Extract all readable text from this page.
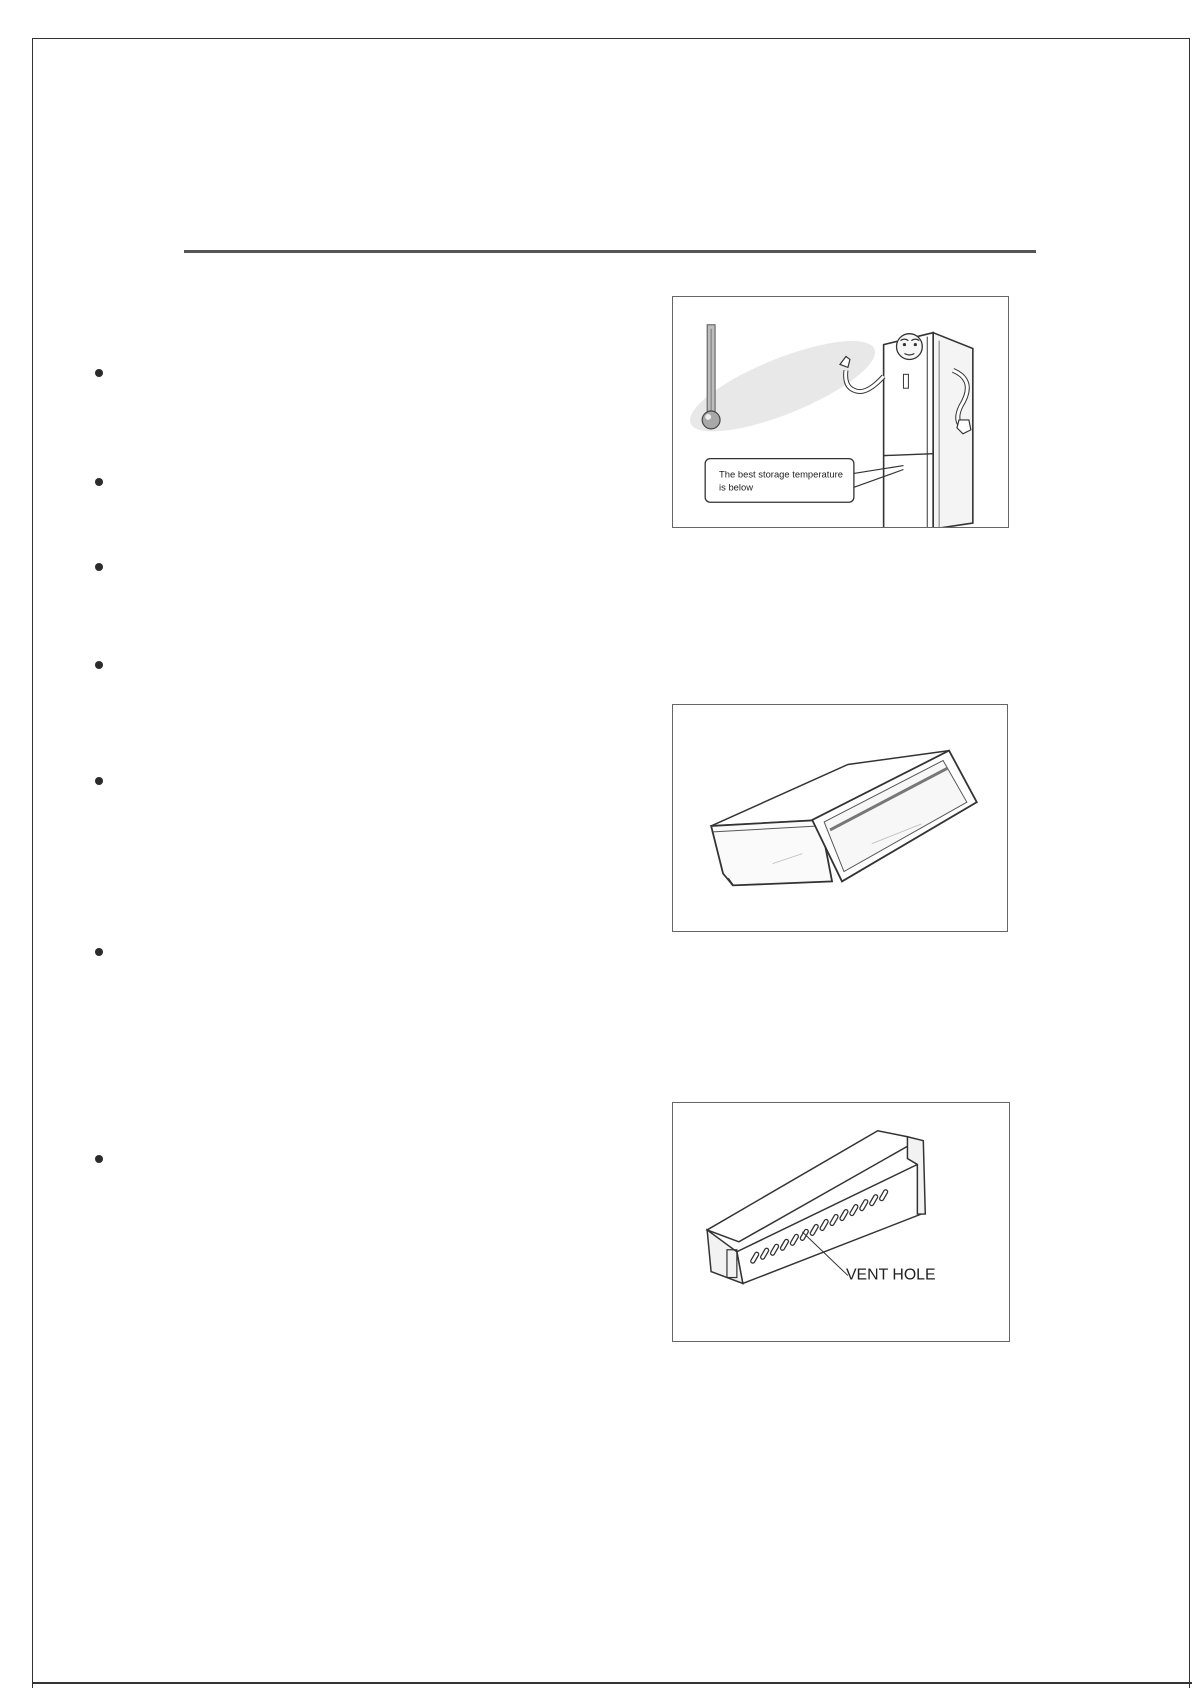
The best storage temperature
is below
VENT HOLE
